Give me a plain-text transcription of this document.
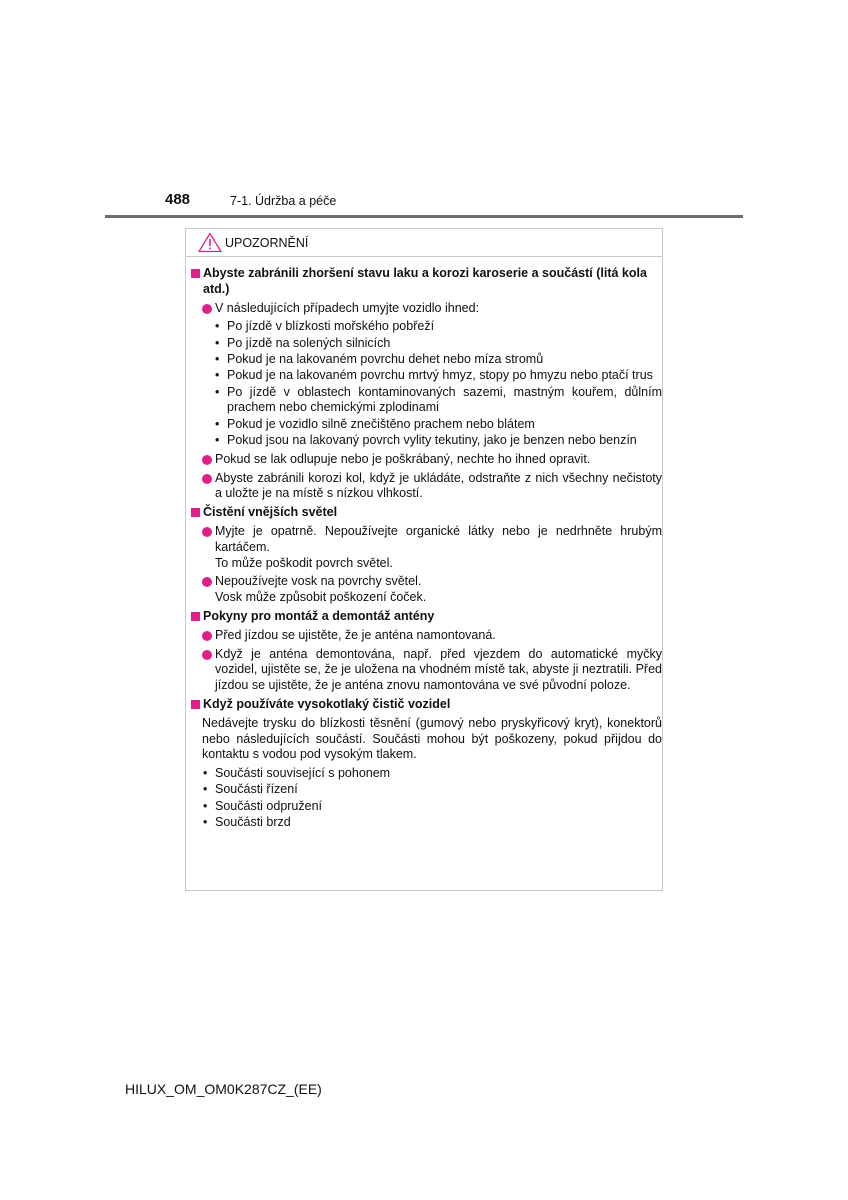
488	7-1. Údržba a péče
UPOZORNĚNÍ
Abyste zabránili zhoršení stavu laku a korozi karoserie a součástí (litá kola atd.)
V následujících případech umyjte vozidlo ihned:
• Po jízdě v blízkosti mořského pobřeží
• Po jízdě na solených silnicích
• Pokud je na lakovaném povrchu dehet nebo míza stromů
• Pokud je na lakovaném povrchu mrtvý hmyz, stopy po hmyzu nebo ptačí trus
• Po jízdě v oblastech kontaminovaných sazemi, mastným kouřem, důlním prachem nebo chemickými zplodinami
• Pokud je vozidlo silně znečištěno prachem nebo blátem
• Pokud jsou na lakovaný povrch vylity tekutiny, jako je benzen nebo benzín
Pokud se lak odlupuje nebo je poškrábaný, nechte ho ihned opravit.
Abyste zabránili korozi kol, když je ukládáte, odstraňte z nich všechny nečistoty a uložte je na místě s nízkou vlhkostí.
Čistění vnějších světel
Myjte je opatrně. Nepoužívejte organické látky nebo je nedrhněte hrubým kartáčem.
To může poškodit povrch světel.
Nepoužívejte vosk na povrchy světel.
Vosk může způsobit poškození čoček.
Pokyny pro montáž a demontáž antény
Před jízdou se ujistěte, že je anténa namontovaná.
Když je anténa demontována, např. před vjezdem do automatické myčky vozidel, ujistěte se, že je uložena na vhodném místě tak, abyste ji neztratili. Před jízdou se ujistěte, že je anténa znovu namontována ve své původní poloze.
Když používáte vysokotlaký čistič vozidel
Nedávejte trysku do blízkosti těsnění (gumový nebo pryskyřicový kryt), konektorů nebo následujících součástí. Součásti mohou být poškozeny, pokud přijdou do kontaktu s vodou pod vysokým tlakem.
• Součásti související s pohonem
• Součásti řízení
• Součásti odpružení
• Součásti brzd
HILUX_OM_OM0K287CZ_(EE)
